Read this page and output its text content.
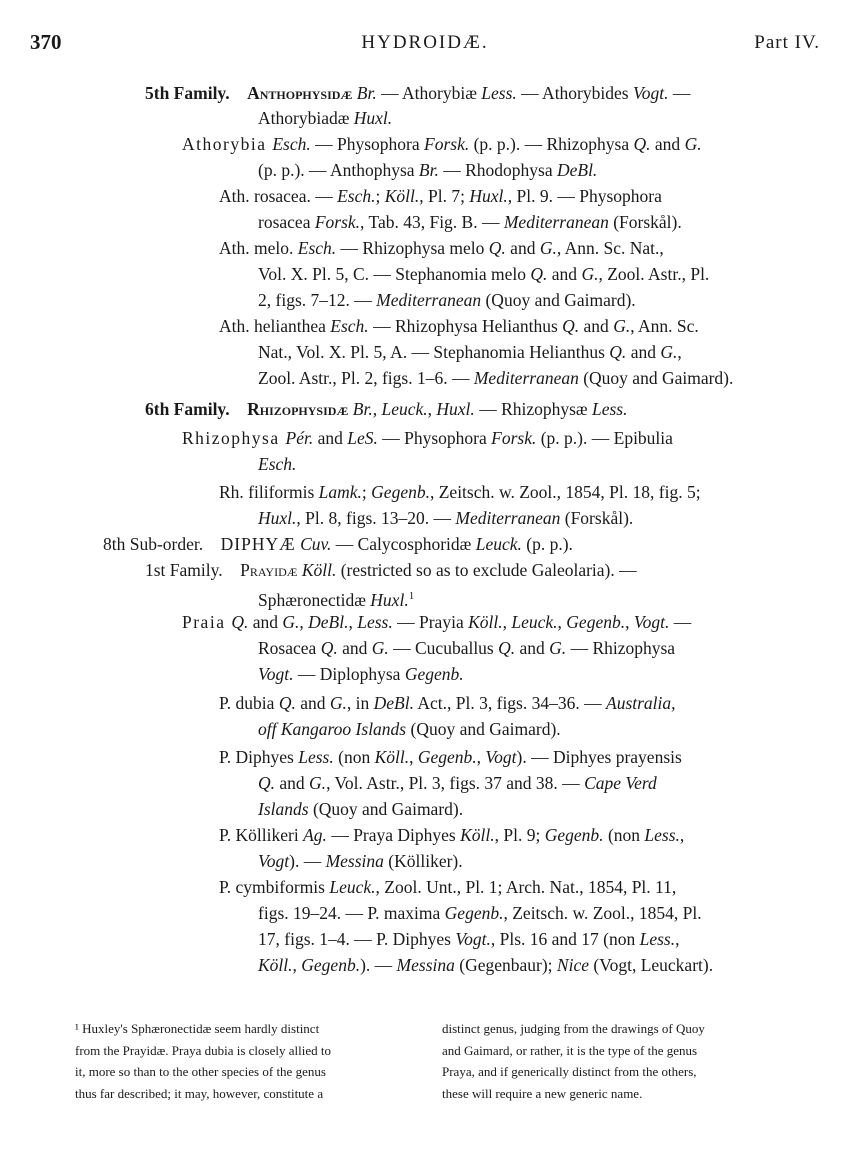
370	HYDROIDÆ.	Part IV.
5th Family. Anthophysidæ Br. — Athorybiæ Less. — Athorybides Vogt. —
Athorybiadæ Huxl.
Athorybia Esch. — Physophora Forsk. (p. p.). — Rhizophysa Q. and G.
(p. p.). — Anthophysa Br. — Rhodophysa DeBl.
Ath. rosacea. — Esch.; Köll., Pl. 7; Huxl., Pl. 9. — Physophora
rosacea Forsk., Tab. 43, Fig. B. — Mediterranean (Forskål).
Ath. melo. Esch. — Rhizophysa melo Q. and G., Ann. Sc. Nat.,
Vol. X. Pl. 5, C. — Stephanomia melo Q. and G., Zool. Astr., Pl.
2, figs. 7–12. — Mediterranean (Quoy and Gaimard).
Ath. helianthea Esch. — Rhizophysa Helianthus Q. and G., Ann. Sc.
Nat., Vol. X. Pl. 5, A. — Stephanomia Helianthus Q. and G.,
Zool. Astr., Pl. 2, figs. 1–6. — Mediterranean (Quoy and Gaimard).
6th Family. Rhizophysidæ Br., Leuck., Huxl. — Rhizophysæ Less.
Rhizophysa Pér. and LeS. — Physophora Forsk. (p. p.). — Epibulia
Esch.
Rh. filiformis Lamk.; Gegenb., Zeitsch. w. Zool., 1854, Pl. 18, fig. 5;
Huxl., Pl. 8, figs. 13–20. — Mediterranean (Forskål).
8th Sub-order. DIPHYÆ Cuv. — Calycosphoridæ Leuck. (p. p.).
1st Family. Prayidæ Köll. (restricted so as to exclude Galeolaria). —
Sphæronectidæ Huxl.$^1$
Praia Q. and G., DeBl., Less. — Prayia Köll., Leuck., Gegenb., Vogt. —
Rosacea Q. and G. — Cucuballus Q. and G. — Rhizophysa
Vogt. — Diplophysa Gegenb.
P. dubia Q. and G., in DeBl. Act., Pl. 3, figs. 34–36. — Australia,
off Kangaroo Islands (Quoy and Gaimard).
P. Diphyes Less. (non Köll., Gegenb., Vogt). — Diphyes prayensis
Q. and G., Vol. Astr., Pl. 3, figs. 37 and 38. — Cape Verd
Islands (Quoy and Gaimard).
P. Köllikeri Ag. — Praya Diphyes Köll., Pl. 9; Gegenb. (non Less.,
Vogt). — Messina (Kölliker).
P. cymbiformis Leuck., Zool. Unt., Pl. 1; Arch. Nat., 1854, Pl. 11,
figs. 19–24. — P. maxima Gegenb., Zeitsch. w. Zool., 1854, Pl.
17, figs. 1–4. — P. Diphyes Vogt., Pls. 16 and 17 (non Less.,
Köll., Gegenb.). — Messina (Gegenbaur); Nice (Vogt, Leuckart).
¹ Huxley's Sphæronectidæ seem hardly distinct
from the Prayidæ. Praya dubia is closely allied to
it, more so than to the other species of the genus
thus far described; it may, however, constitute a
distinct genus, judging from the drawings of Quoy
and Gaimard, or rather, it is the type of the genus
Praya, and if generically distinct from the others,
these will require a new generic name.
